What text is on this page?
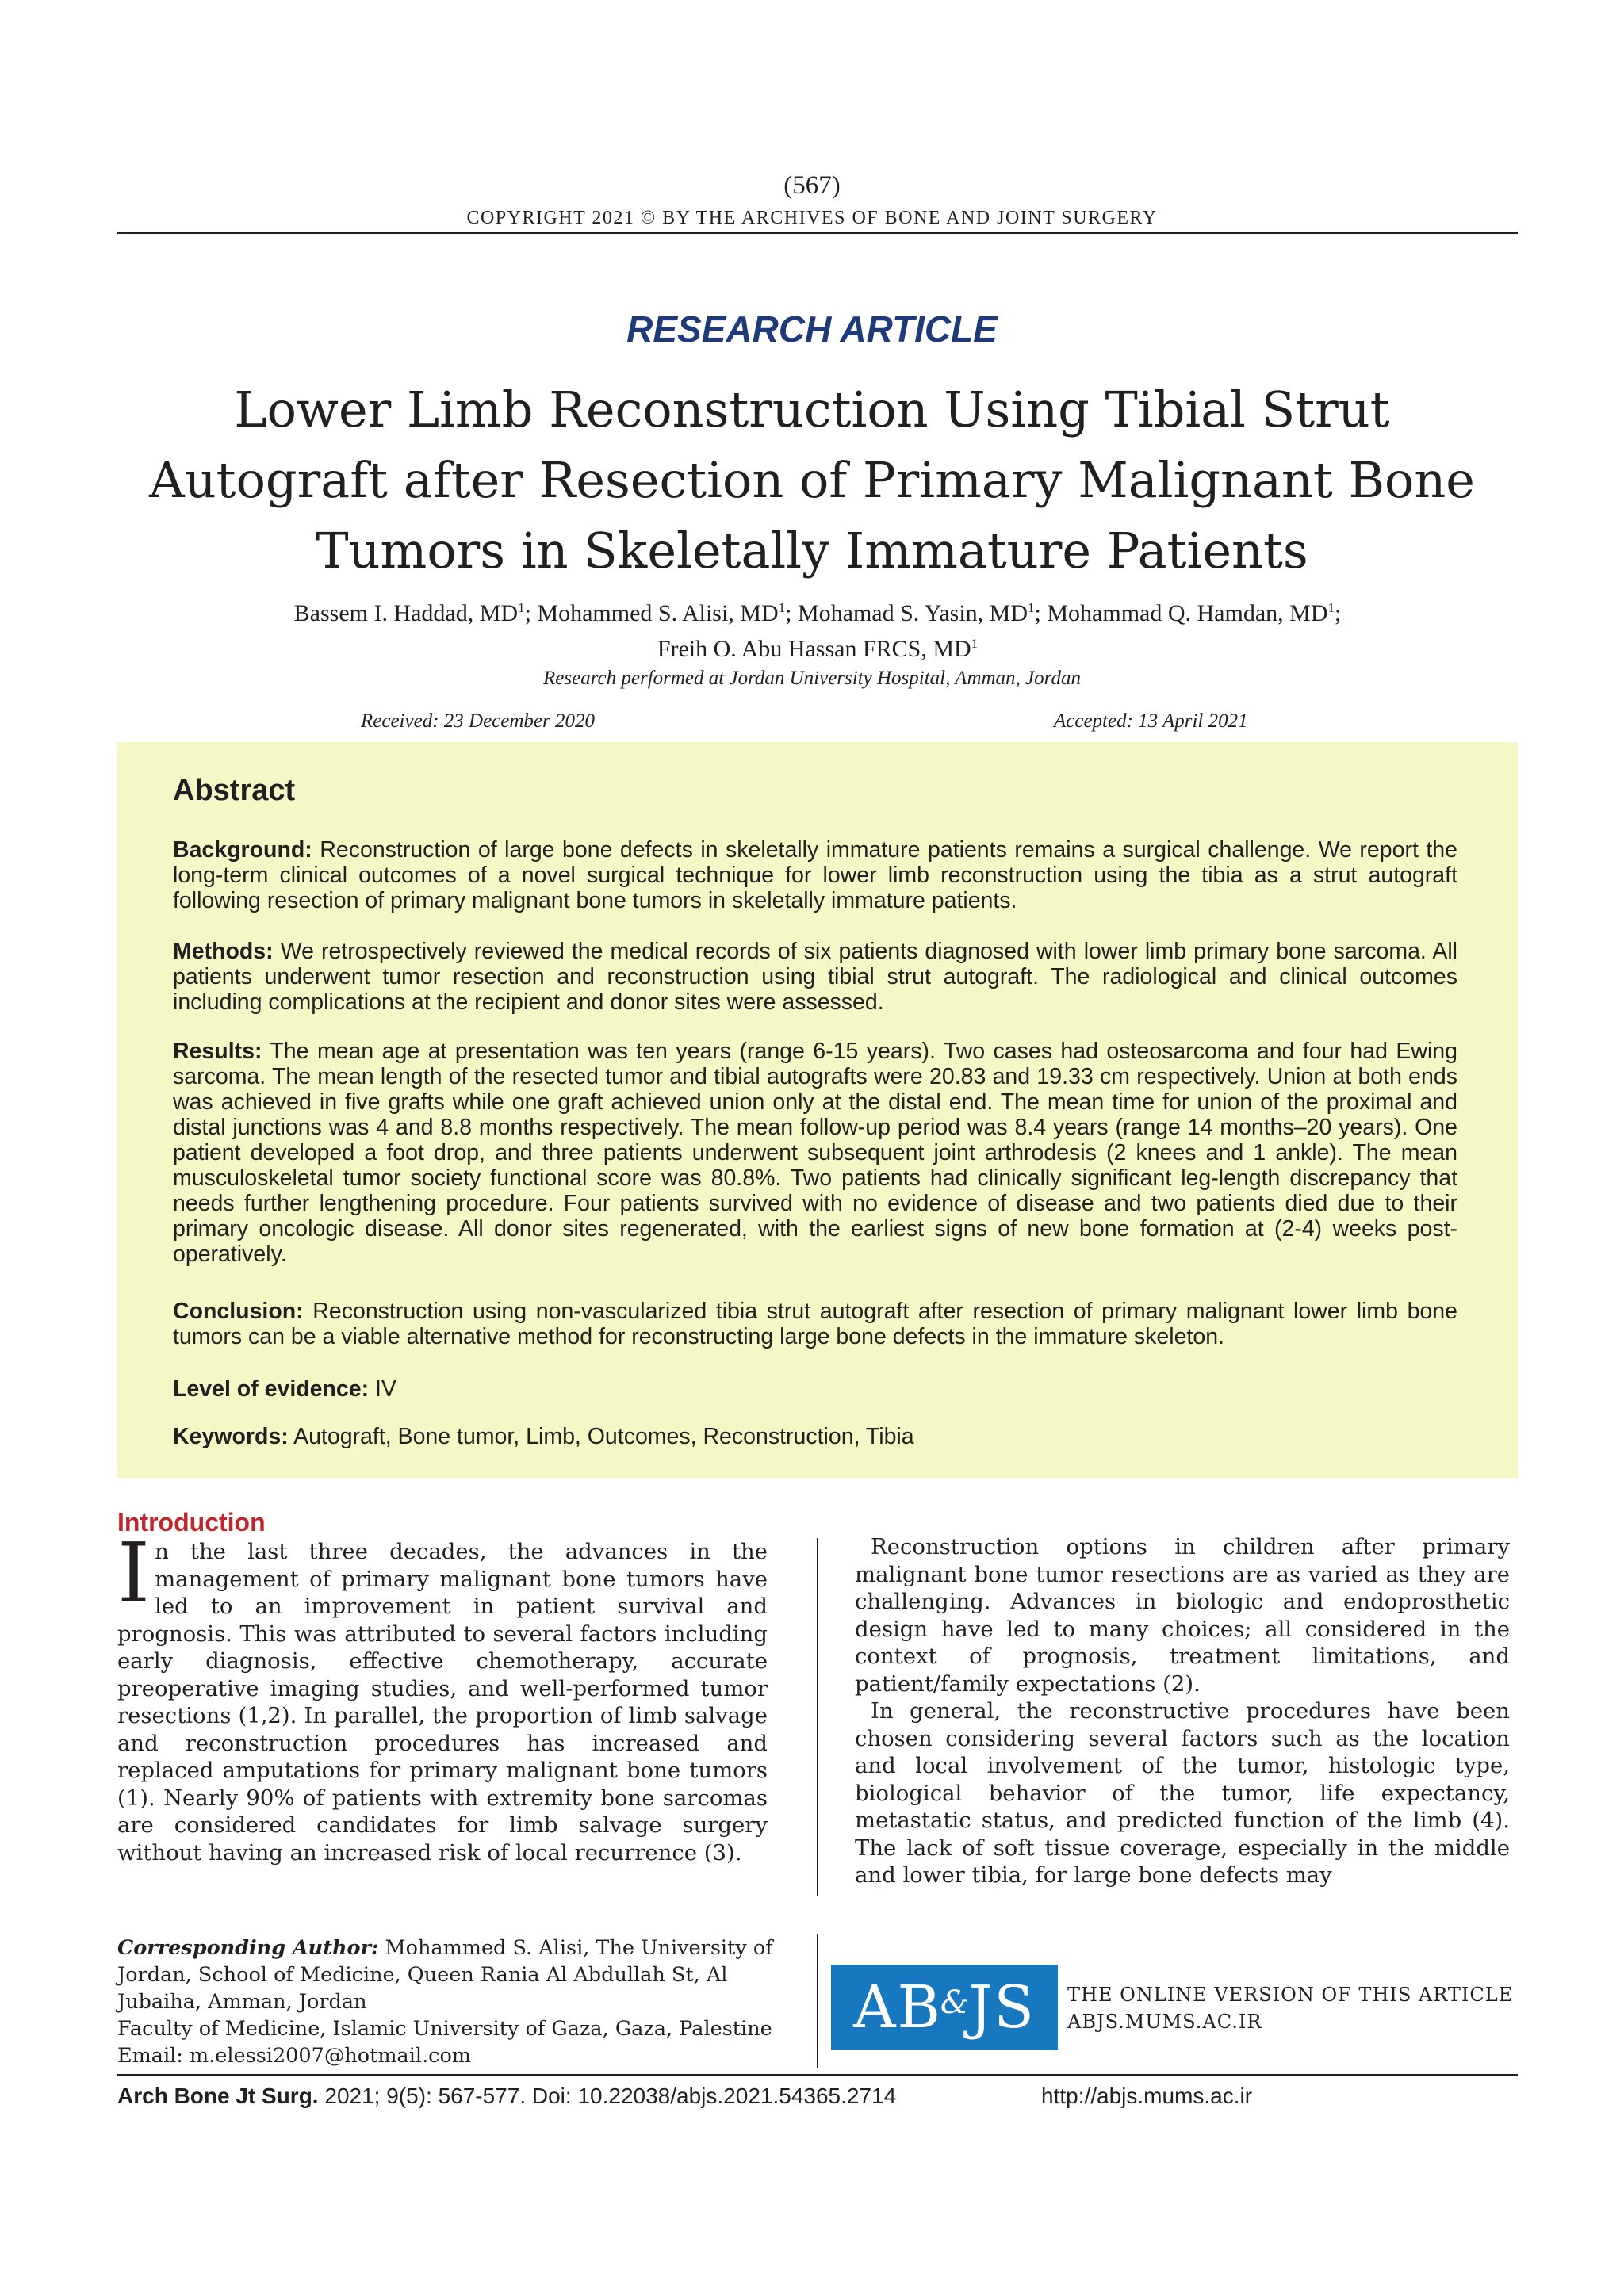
(567)
COPYRIGHT 2021 © BY THE ARCHIVES OF BONE AND JOINT SURGERY
RESEARCH ARTICLE
Lower Limb Reconstruction Using Tibial Strut
Autograft after Resection of Primary Malignant Bone
Tumors in Skeletally Immature Patients
Bassem I. Haddad, $MD^1$; Mohammed S. Alisi, $MD^1$; Mohamad S. Yasin, $MD^1$; Mohammad Q. Hamdan, $MD^1$;
Freih O. Abu Hassan FRCS, $MD^1$
Research performed at Jordan University Hospital, Amman, Jordan
Received: 23 December 2020	Accepted: 13 April 2021
Abstract
Background: Reconstruction of large bone defects in skeletally immature patients remains a surgical challenge. We report the long-term clinical outcomes of a novel surgical technique for lower limb reconstruction using the tibia as a strut autograft following resection of primary malignant bone tumors in skeletally immature patients.
Methods: We retrospectively reviewed the medical records of six patients diagnosed with lower limb primary bone sarcoma. All patients underwent tumor resection and reconstruction using tibial strut autograft. The radiological and clinical outcomes including complications at the recipient and donor sites were assessed.
Results: The mean age at presentation was ten years (range 6-15 years). Two cases had osteosarcoma and four had Ewing sarcoma. The mean length of the resected tumor and tibial autografts were 20.83 and 19.33 cm respectively. Union at both ends was achieved in five grafts while one graft achieved union only at the distal end. The mean time for union of the proximal and distal junctions was 4 and 8.8 months respectively. The mean follow-up period was 8.4 years (range 14 months–20 years). One patient developed a foot drop, and three patients underwent subsequent joint arthrodesis (2 knees and 1 ankle). The mean musculoskeletal tumor society functional score was 80.8%. Two patients had clinically significant leg-length discrepancy that needs further lengthening procedure. Four patients survived with no evidence of disease and two patients died due to their primary oncologic disease. All donor sites regenerated, with the earliest signs of new bone formation at (2-4) weeks post-operatively.
Conclusion: Reconstruction using non-vascularized tibia strut autograft after resection of primary malignant lower limb bone tumors can be a viable alternative method for reconstructing large bone defects in the immature skeleton.
Level of evidence: IV
Keywords: Autograft, Bone tumor, Limb, Outcomes, Reconstruction, Tibia
Introduction
In the last three decades, the advances in the management of primary malignant bone tumors have led to an improvement in patient survival and prognosis. This was attributed to several factors including early diagnosis, effective chemotherapy, accurate preoperative imaging studies, and well-performed tumor resections (1,2). In parallel, the proportion of limb salvage and reconstruction procedures has increased and replaced amputations for primary malignant bone tumors (1). Nearly 90% of patients with extremity bone sarcomas are considered candidates for limb salvage surgery without having an increased risk of local recurrence (3).
Reconstruction options in children after primary malignant bone tumor resections are as varied as they are challenging. Advances in biologic and endoprosthetic design have led to many choices; all considered in the context of prognosis, treatment limitations, and patient/family expectations (2).
In general, the reconstructive procedures have been chosen considering several factors such as the location and local involvement of the tumor, histologic type, biological behavior of the tumor, life expectancy, metastatic status, and predicted function of the limb (4). The lack of soft tissue coverage, especially in the middle and lower tibia, for large bone defects may
Corresponding Author: Mohammed S. Alisi, The University of Jordan, School of Medicine, Queen Rania Al Abdullah St, Al Jubaiha, Amman, Jordan
Faculty of Medicine, Islamic University of Gaza, Gaza, Palestine
Email: m.elessi2007@hotmail.com
AB&JS THE ONLINE VERSION OF THIS ARTICLE
ABJS.MUMS.AC.IR
Arch Bone Jt Surg. 2021; 9(5): 567-577. Doi: 10.22038/abjs.2021.54365.2714	http://abjs.mums.ac.ir
